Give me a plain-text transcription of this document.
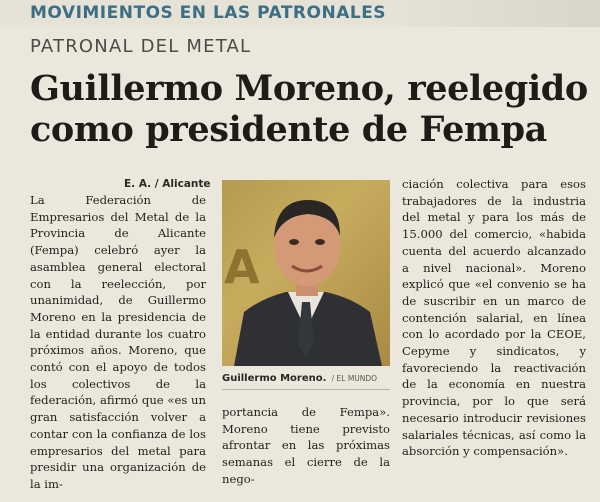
MOVIMIENTOS EN LAS PATRONALES
PATRONAL DEL METAL
Guillermo Moreno, reelegido
como presidente de Fempa
E. A. / Alicante

La Federación de Empresarios del Metal de la Provincia de Alicante (Fempa) celebró ayer la asamblea general electoral con la reelección, por unanimidad, de Guillermo Moreno en la presidencia de la entidad durante los cuatro próximos años. Moreno, que contó con el apoyo de todos los colectivos de la federación, afirmó que «es un gran satisfacción volver a contar con la confianza de los empresarios del metal para presidir una organización de la im-

A
Guillermo Moreno. / EL MUNDO

portancia de Fempa». Moreno tiene previsto afrontar en las próximas semanas el cierre de la nego-

ciación colectiva para esos trabajadores de la industria del metal y para los más de 15.000 del comercio, «habida cuenta del acuerdo alcanzado a nivel nacional». Moreno explicó que «el convenio se ha de suscribir en un marco de contención salarial, en línea con lo acordado por la CEOE, Cepyme y sindicatos, y favoreciendo la reactivación de la economía en nuestra provincia, por lo que será necesario introducir revisiones salariales técnicas, así como la absorción y compensación».
